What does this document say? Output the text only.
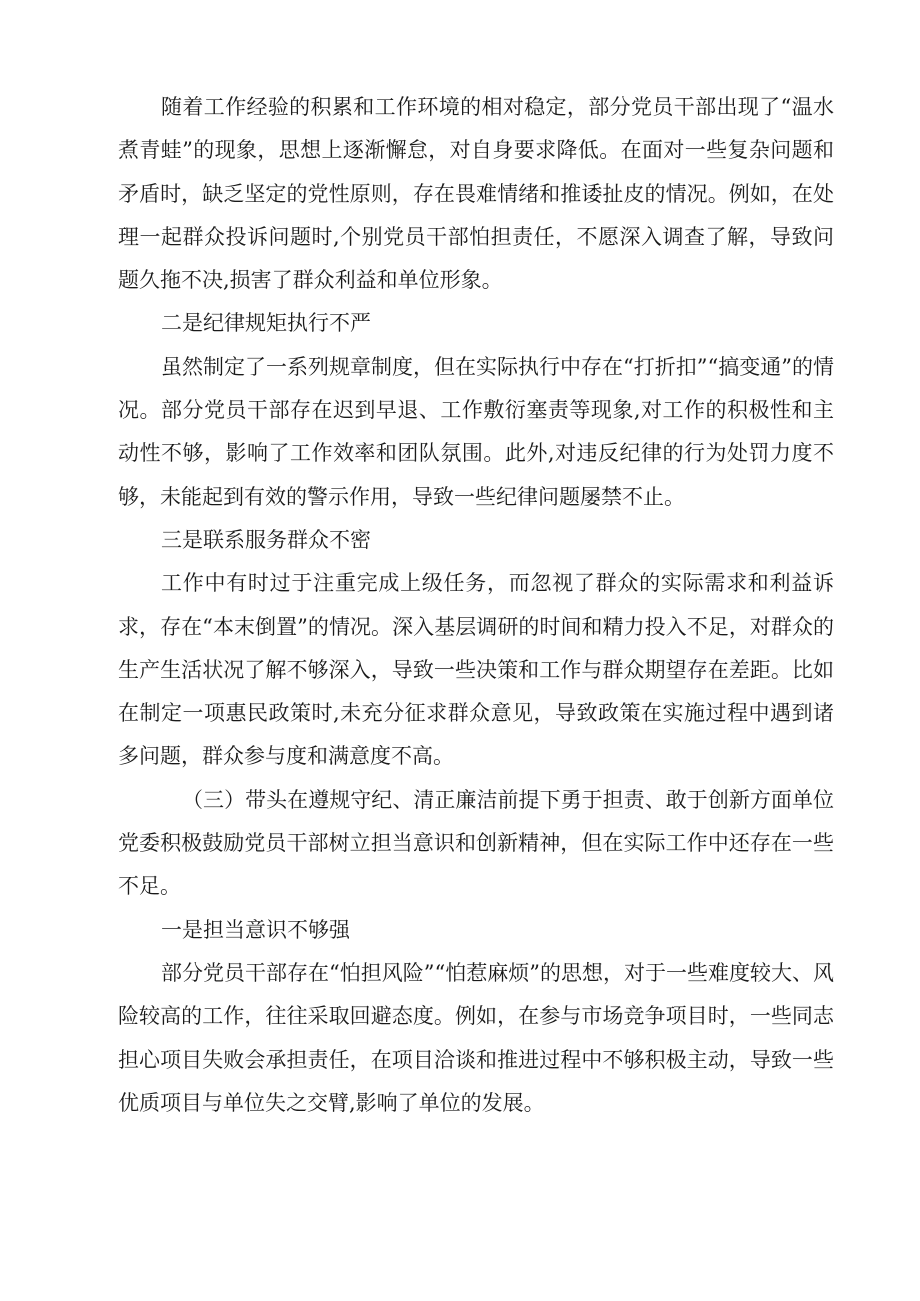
随着工作经验的积累和工作环境的相对稳定，部分党员干部出现了“温水煮青蛙”的现象，思想上逐渐懈怠，对自身要求降低。在面对一些复杂问题和矛盾时，缺乏坚定的党性原则，存在畏难情绪和推诿扯皮的情况。例如，在处理一起群众投诉问题时,个别党员干部怕担责任，不愿深入调查了解，导致问题久拖不决,损害了群众利益和单位形象。

二是纪律规矩执行不严

虽然制定了一系列规章制度，但在实际执行中存在“打折扣”“搞变通”的情况。部分党员干部存在迟到早退、工作敷衍塞责等现象,对工作的积极性和主动性不够，影响了工作效率和团队氛围。此外,对违反纪律的行为处罚力度不够，未能起到有效的警示作用，导致一些纪律问题屡禁不止。

三是联系服务群众不密

工作中有时过于注重完成上级任务，而忽视了群众的实际需求和利益诉求，存在“本末倒置”的情况。深入基层调研的时间和精力投入不足，对群众的生产生活状况了解不够深入，导致一些决策和工作与群众期望存在差距。比如在制定一项惠民政策时,未充分征求群众意见，导致政策在实施过程中遇到诸多问题，群众参与度和满意度不高。

（三）带头在遵规守纪、清正廉洁前提下勇于担责、敢于创新方面单位党委积极鼓励党员干部树立担当意识和创新精神，但在实际工作中还存在一些不足。

一是担当意识不够强

部分党员干部存在“怕担风险”“怕惹麻烦”的思想，对于一些难度较大、风险较高的工作，往往采取回避态度。例如，在参与市场竞争项目时，一些同志担心项目失败会承担责任，在项目洽谈和推进过程中不够积极主动，导致一些优质项目与单位失之交臂,影响了单位的发展。
